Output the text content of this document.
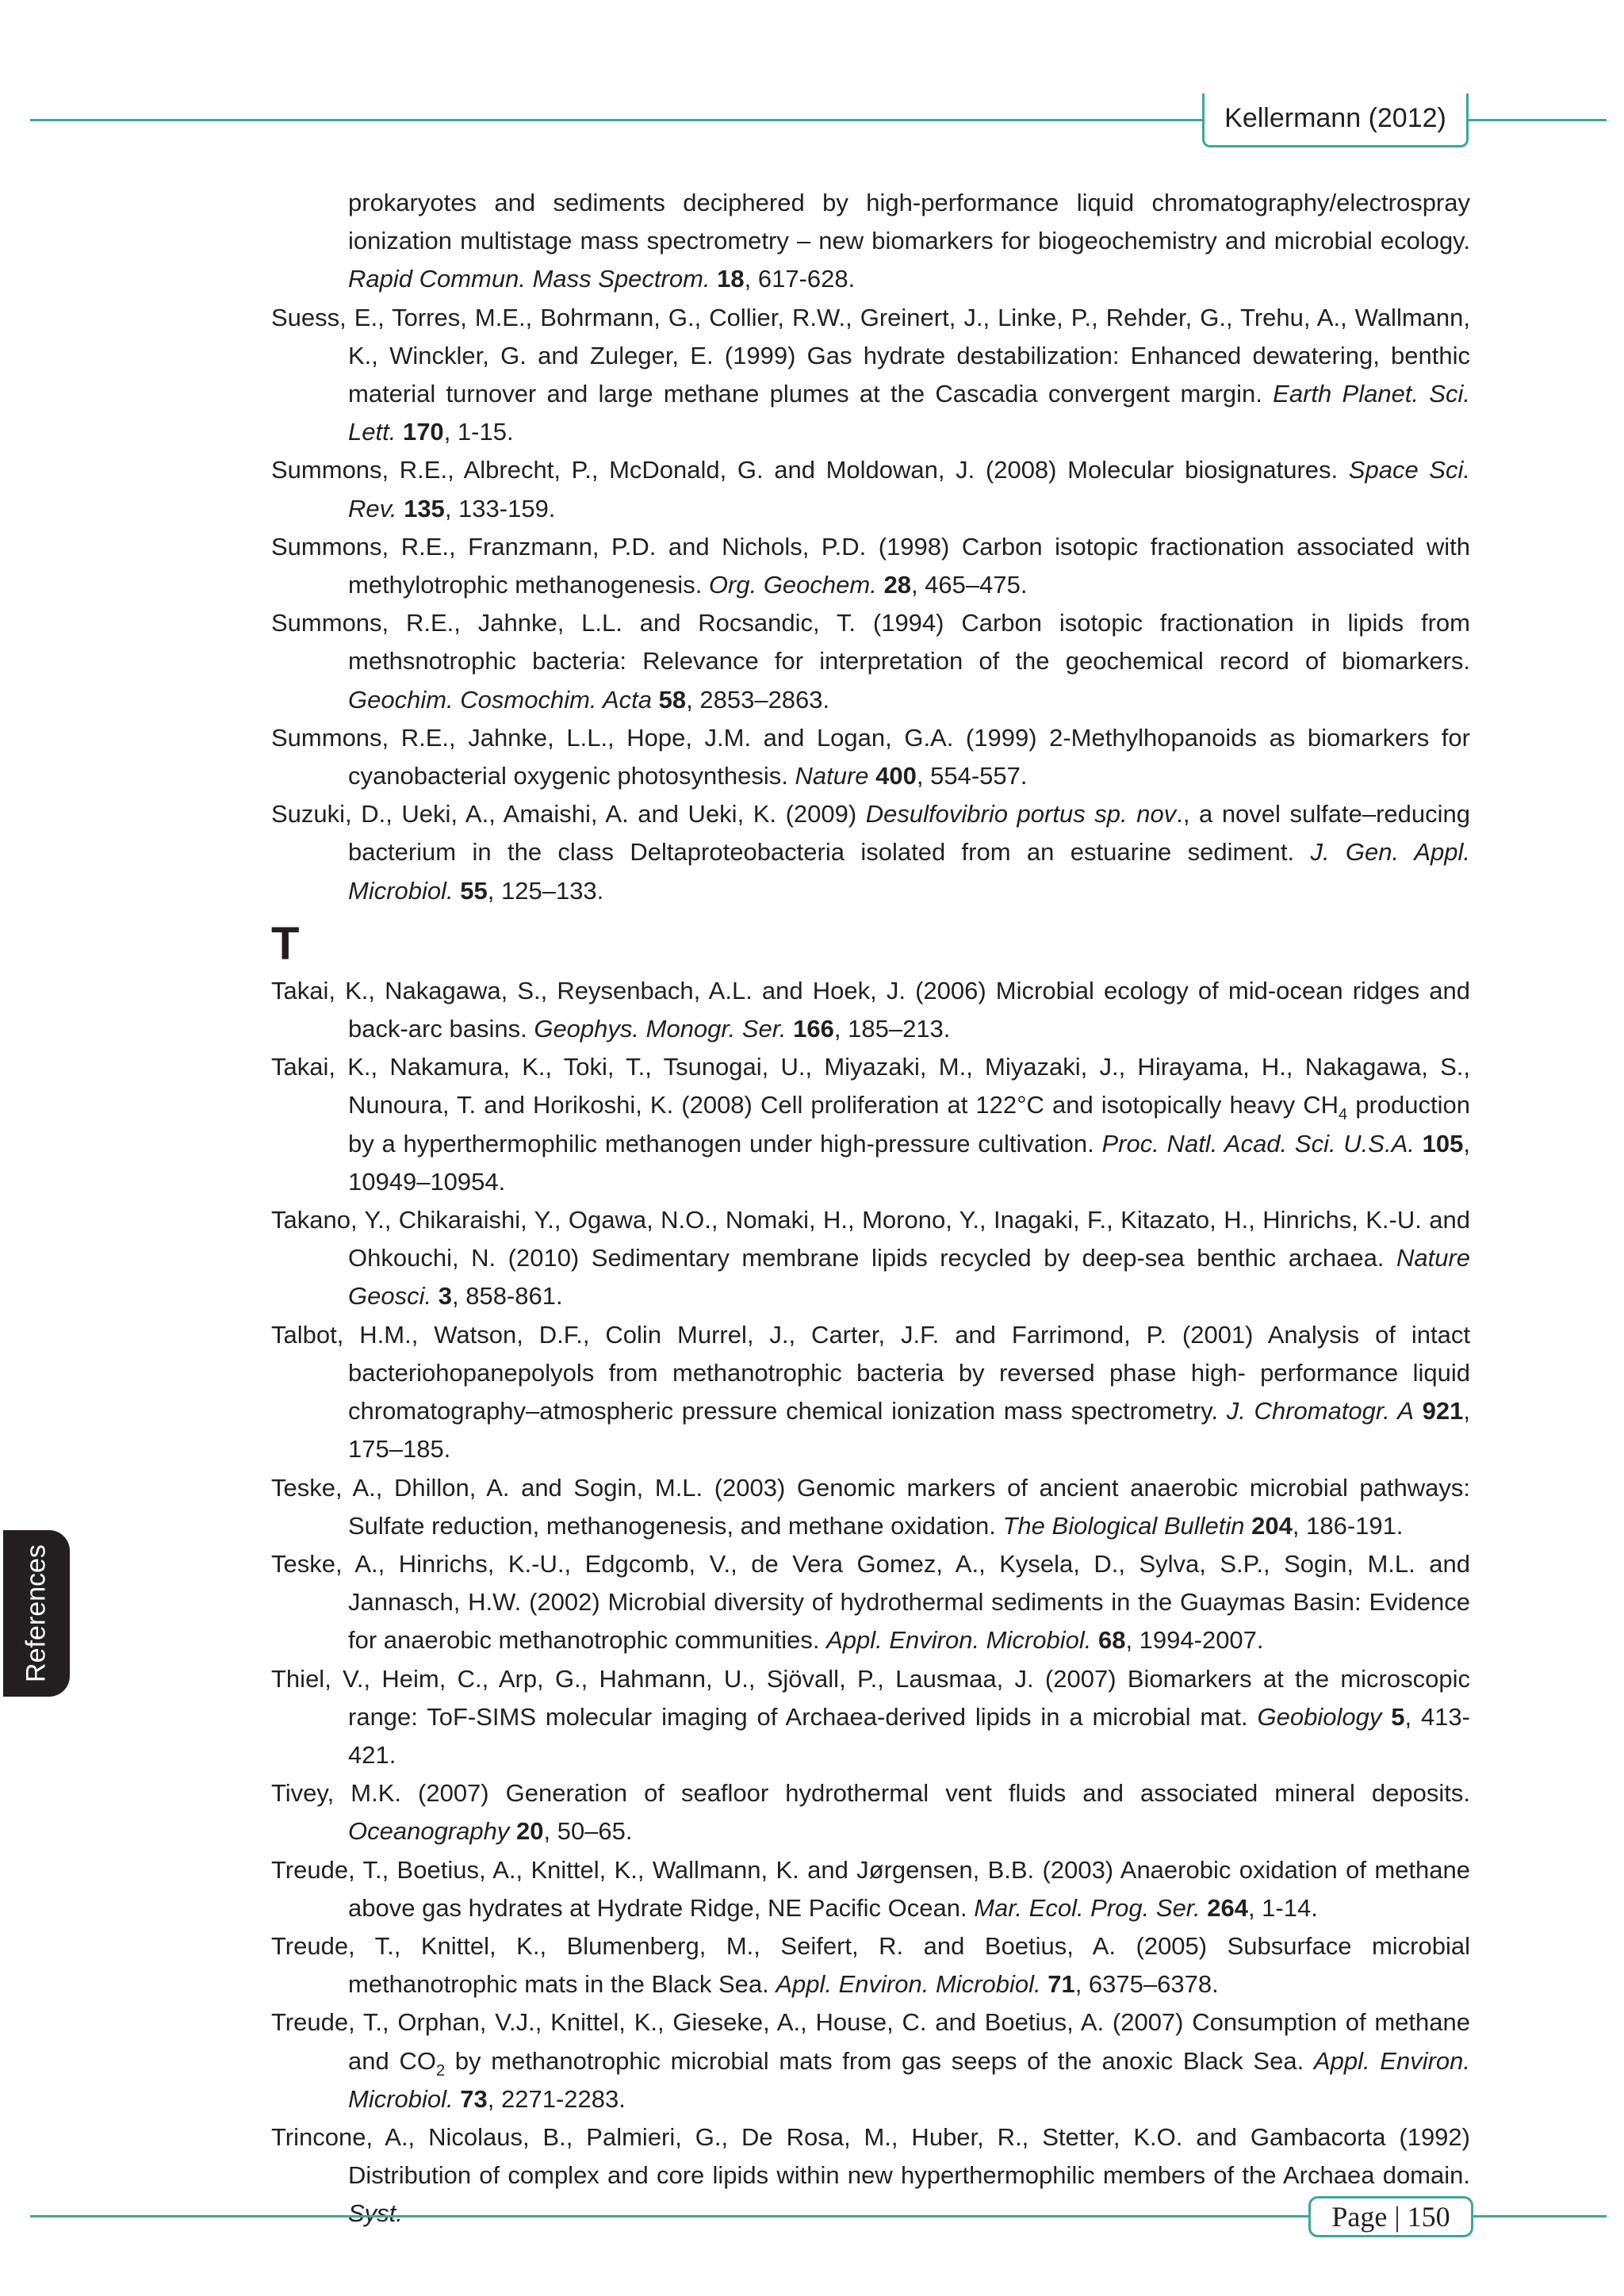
Kellermann (2012)
References

prokaryotes and sediments deciphered by high-performance liquid chromatography/electrospray ionization multistage mass spectrometry – new biomarkers for biogeochemistry and microbial ecology. Rapid Commun. Mass Spectrom. 18, 617-628.

Suess, E., Torres, M.E., Bohrmann, G., Collier, R.W., Greinert, J., Linke, P., Rehder, G., Trehu, A., Wallmann, K., Winckler, G. and Zuleger, E. (1999) Gas hydrate destabilization: Enhanced dewatering, benthic material turnover and large methane plumes at the Cascadia convergent margin. Earth Planet. Sci. Lett. 170, 1-15.

Summons, R.E., Albrecht, P., McDonald, G. and Moldowan, J. (2008) Molecular biosignatures. Space Sci. Rev. 135, 133-159.

Summons, R.E., Franzmann, P.D. and Nichols, P.D. (1998) Carbon isotopic fractionation associated with methylotrophic methanogenesis. Org. Geochem. 28, 465–475.

Summons, R.E., Jahnke, L.L. and Rocsandic, T. (1994) Carbon isotopic fractionation in lipids from methsnotrophic bacteria: Relevance for interpretation of the geochemical record of biomarkers. Geochim. Cosmochim. Acta 58, 2853–2863.

Summons, R.E., Jahnke, L.L., Hope, J.M. and Logan, G.A. (1999) 2-Methylhopanoids as biomarkers for cyanobacterial oxygenic photosynthesis. Nature 400, 554-557.

Suzuki, D., Ueki, A., Amaishi, A. and Ueki, K. (2009) Desulfovibrio portus sp. nov., a novel sulfate–reducing bacterium in the class Deltaproteobacteria isolated from an estuarine sediment. J. Gen. Appl. Microbiol. 55, 125–133.

T

Takai, K., Nakagawa, S., Reysenbach, A.L. and Hoek, J. (2006) Microbial ecology of mid-ocean ridges and back-arc basins. Geophys. Monogr. Ser. 166, 185–213.

Takai, K., Nakamura, K., Toki, T., Tsunogai, U., Miyazaki, M., Miyazaki, J., Hirayama, H., Nakagawa, S., Nunoura, T. and Horikoshi, K. (2008) Cell proliferation at 122°C and isotopically heavy $CH_4$ production by a hyperthermophilic methanogen under high-pressure cultivation. Proc. Natl. Acad. Sci. U.S.A. 105, 10949–10954.

Takano, Y., Chikaraishi, Y., Ogawa, N.O., Nomaki, H., Morono, Y., Inagaki, F., Kitazato, H., Hinrichs, K.-U. and Ohkouchi, N. (2010) Sedimentary membrane lipids recycled by deep-sea benthic archaea. Nature Geosci. 3, 858-861.

Talbot, H.M., Watson, D.F., Colin Murrel, J., Carter, J.F. and Farrimond, P. (2001) Analysis of intact bacteriohopanepolyols from methanotrophic bacteria by reversed phase high- performance liquid chromatography–atmospheric pressure chemical ionization mass spectrometry. J. Chromatogr. A 921, 175–185.

Teske, A., Dhillon, A. and Sogin, M.L. (2003) Genomic markers of ancient anaerobic microbial pathways: Sulfate reduction, methanogenesis, and methane oxidation. The Biological Bulletin 204, 186-191.

Teske, A., Hinrichs, K.-U., Edgcomb, V., de Vera Gomez, A., Kysela, D., Sylva, S.P., Sogin, M.L. and Jannasch, H.W. (2002) Microbial diversity of hydrothermal sediments in the Guaymas Basin: Evidence for anaerobic methanotrophic communities. Appl. Environ. Microbiol. 68, 1994-2007.

Thiel, V., Heim, C., Arp, G., Hahmann, U., Sjövall, P., Lausmaa, J. (2007) Biomarkers at the microscopic range: ToF-SIMS molecular imaging of Archaea-derived lipids in a microbial mat. Geobiology 5, 413-421.

Tivey, M.K. (2007) Generation of seafloor hydrothermal vent fluids and associated mineral deposits. Oceanography 20, 50–65.

Treude, T., Boetius, A., Knittel, K., Wallmann, K. and Jørgensen, B.B. (2003) Anaerobic oxidation of methane above gas hydrates at Hydrate Ridge, NE Pacific Ocean. Mar. Ecol. Prog. Ser. 264, 1-14.

Treude, T., Knittel, K., Blumenberg, M., Seifert, R. and Boetius, A. (2005) Subsurface microbial methanotrophic mats in the Black Sea. Appl. Environ. Microbiol. 71, 6375–6378.

Treude, T., Orphan, V.J., Knittel, K., Gieseke, A., House, C. and Boetius, A. (2007) Consumption of methane and $CO_2$ by methanotrophic microbial mats from gas seeps of the anoxic Black Sea. Appl. Environ. Microbiol. 73, 2271-2283.

Trincone, A., Nicolaus, B., Palmieri, G., De Rosa, M., Huber, R., Stetter, K.O. and Gambacorta (1992) Distribution of complex and core lipids within new hyperthermophilic members of the Archaea domain. Syst.	Page | 150
